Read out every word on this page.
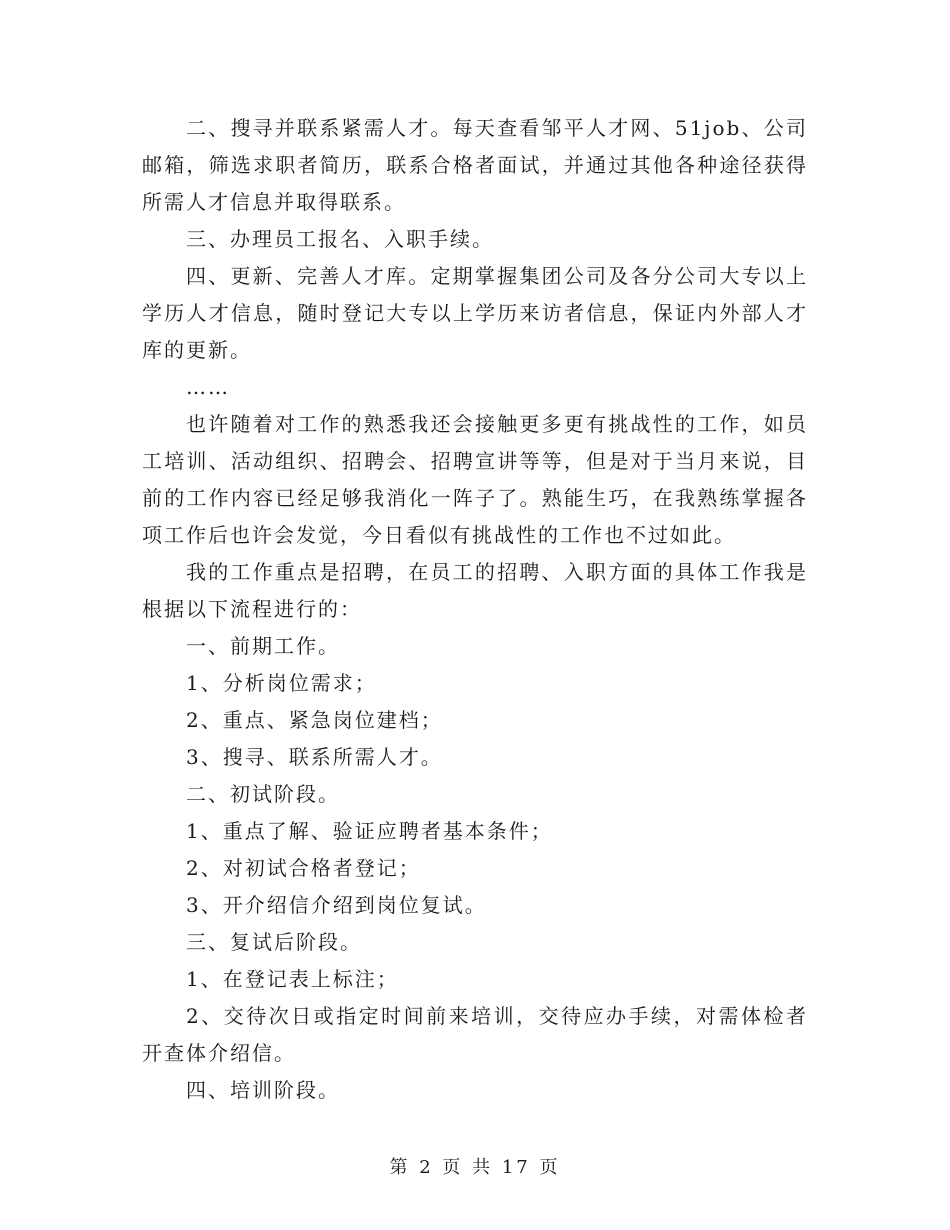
二、搜寻并联系紧需人才。每天查看邹平人才网、51job、公司邮箱，筛选求职者简历，联系合格者面试，并通过其他各种途径获得所需人才信息并取得联系。

三、办理员工报名、入职手续。

四、更新、完善人才库。定期掌握集团公司及各分公司大专以上学历人才信息，随时登记大专以上学历来访者信息，保证内外部人才库的更新。

……

也许随着对工作的熟悉我还会接触更多更有挑战性的工作，如员工培训、活动组织、招聘会、招聘宣讲等等，但是对于当月来说，目前的工作内容已经足够我消化一阵子了。熟能生巧，在我熟练掌握各项工作后也许会发觉，今日看似有挑战性的工作也不过如此。

我的工作重点是招聘，在员工的招聘、入职方面的具体工作我是根据以下流程进行的：

一、前期工作。

1、分析岗位需求；

2、重点、紧急岗位建档；

3、搜寻、联系所需人才。

二、初试阶段。

1、重点了解、验证应聘者基本条件；

2、对初试合格者登记；

3、开介绍信介绍到岗位复试。

三、复试后阶段。

1、在登记表上标注；

2、交待次日或指定时间前来培训，交待应办手续，对需体检者开查体介绍信。

四、培训阶段。

第 2 页 共 17 页
